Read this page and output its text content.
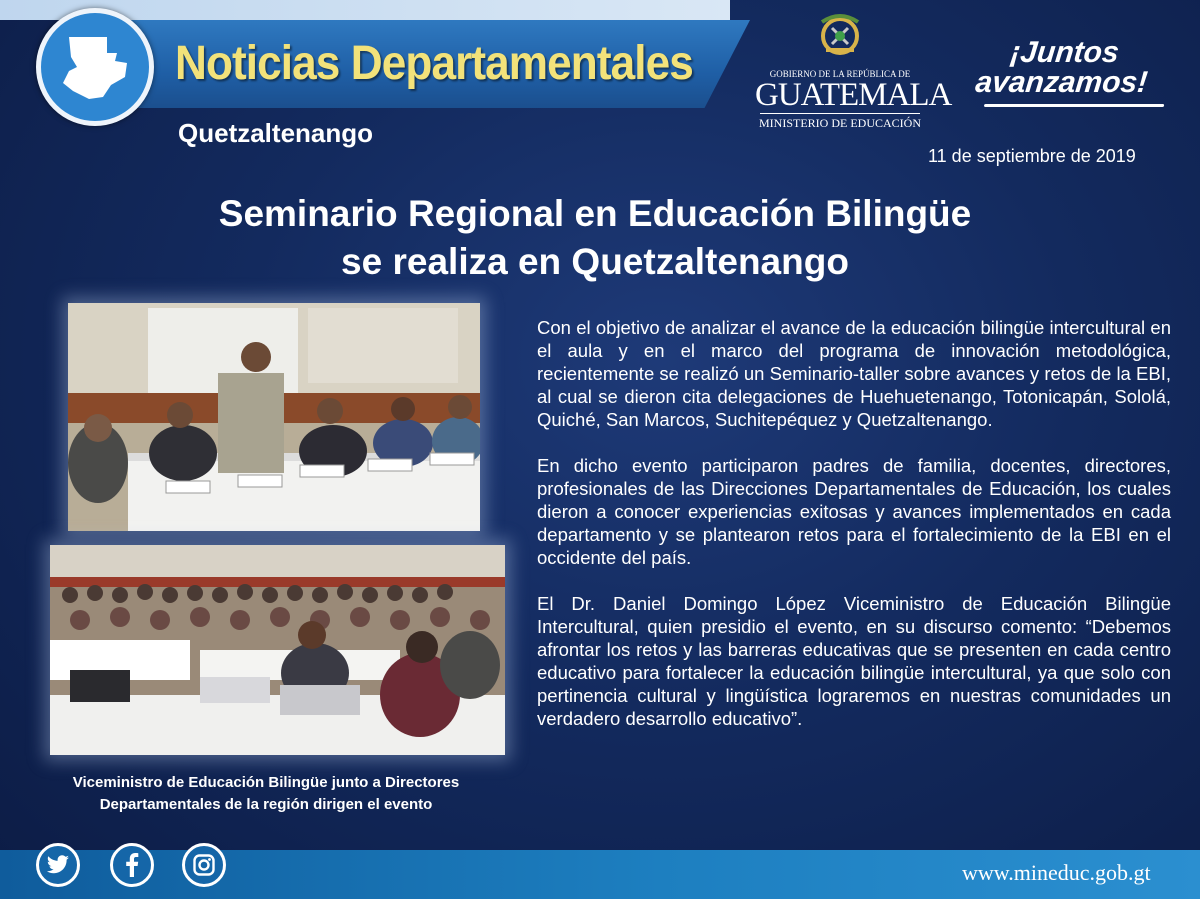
Noticias Departamentales
Quetzaltenango
GOBIERNO DE LA REPÚBLICA DE
GUATEMALA
MINISTERIO DE EDUCACIÓN
¡Juntos
avanzamos!
11 de septiembre de 2019
Seminario Regional en Educación Bilingüe
se realiza en Quetzaltenango
Viceministro de Educación Bilingüe junto a Directores
Departamentales de la región dirigen el evento

Con el objetivo de analizar el avance de la educación bilingüe intercultural en el aula y en el marco del programa de innovación metodológica, recientemente se realizó un Seminario-taller sobre avances y retos de la EBI, al cual se dieron cita delegaciones de Huehuetenango, Totonicapán, Sololá, Quiché, San Marcos, Suchitepéquez y Quetzaltenango.

En dicho evento participaron padres de familia, docentes, directores, profesionales de las Direcciones Departamentales de Educación, los cuales dieron a conocer experiencias exitosas y avances implementados en cada departamento y se plantearon retos para el fortalecimiento de la EBI en el occidente del país.

El Dr. Daniel Domingo López Viceministro de Educación Bilingüe Intercultural, quien presidio el evento, en su discurso comento: “Debemos afrontar los retos y las barreras educativas que se presenten en cada centro educativo para fortalecer la educación bilingüe intercultural, ya que solo con pertinencia cultural y lingüística lograremos en nuestras comunidades un verdadero desarrollo educativo”.

www.mineduc.gob.gt
